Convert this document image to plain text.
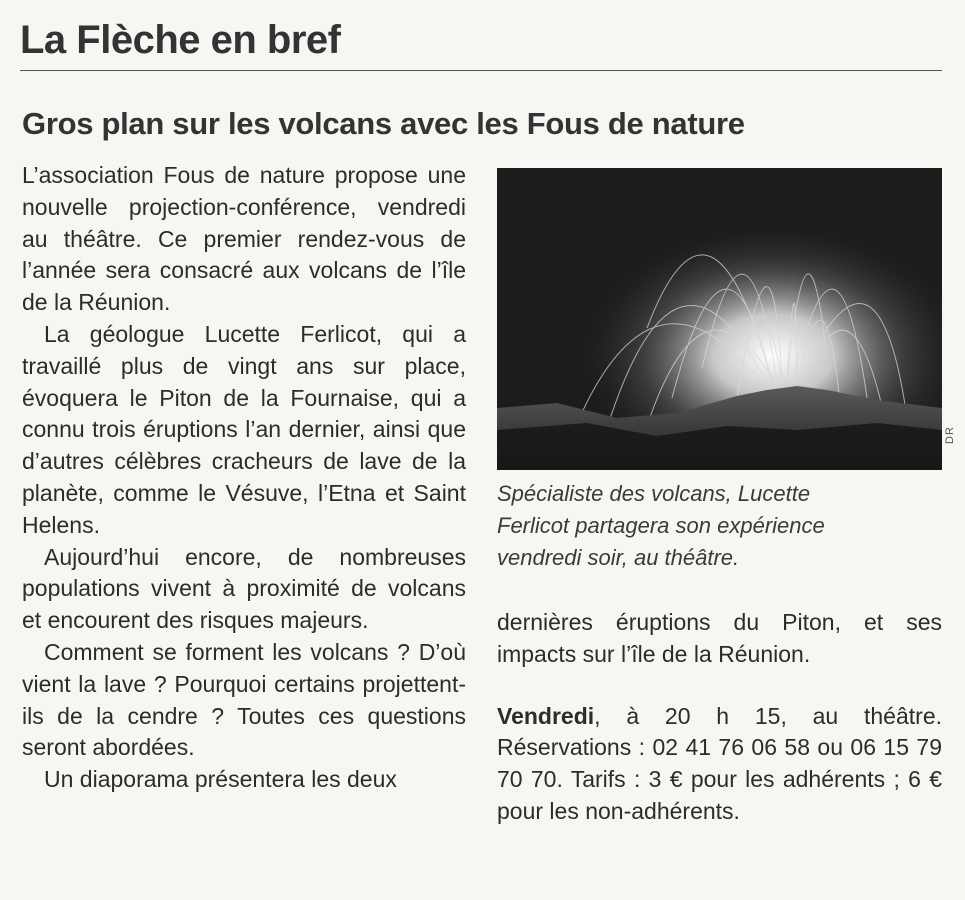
La Flèche en bref
Gros plan sur les volcans avec les Fous de nature

L’association Fous de nature propose une nouvelle projection-conférence, vendredi au théâtre. Ce premier rendez-vous de l’année sera consacré aux volcans de l’île de la Réunion.

La géologue Lucette Ferlicot, qui a travaillé plus de vingt ans sur place, évoquera le Piton de la Fournaise, qui a connu trois éruptions l’an dernier, ainsi que d’autres célèbres cracheurs de lave de la planète, comme le Vésuve, l’Etna et Saint Helens.

Aujourd’hui encore, de nombreuses populations vivent à proximité de volcans et encourent des risques majeurs.

Comment se forment les volcans ? D’où vient la lave ? Pourquoi certains projettent-ils de la cendre ? Toutes ces questions seront abordées.

Un diaporama présentera les deux

DR
Spécialiste des volcans, Lucette Ferlicot partagera son expérience vendredi soir, au théâtre.

dernières éruptions du Piton, et ses impacts sur l’île de la Réunion.

Vendredi, à 20 h 15, au théâtre. Réservations : 02 41 76 06 58 ou 06 15 79 70 70. Tarifs : 3 € pour les adhérents ; 6 € pour les non-adhérents.
